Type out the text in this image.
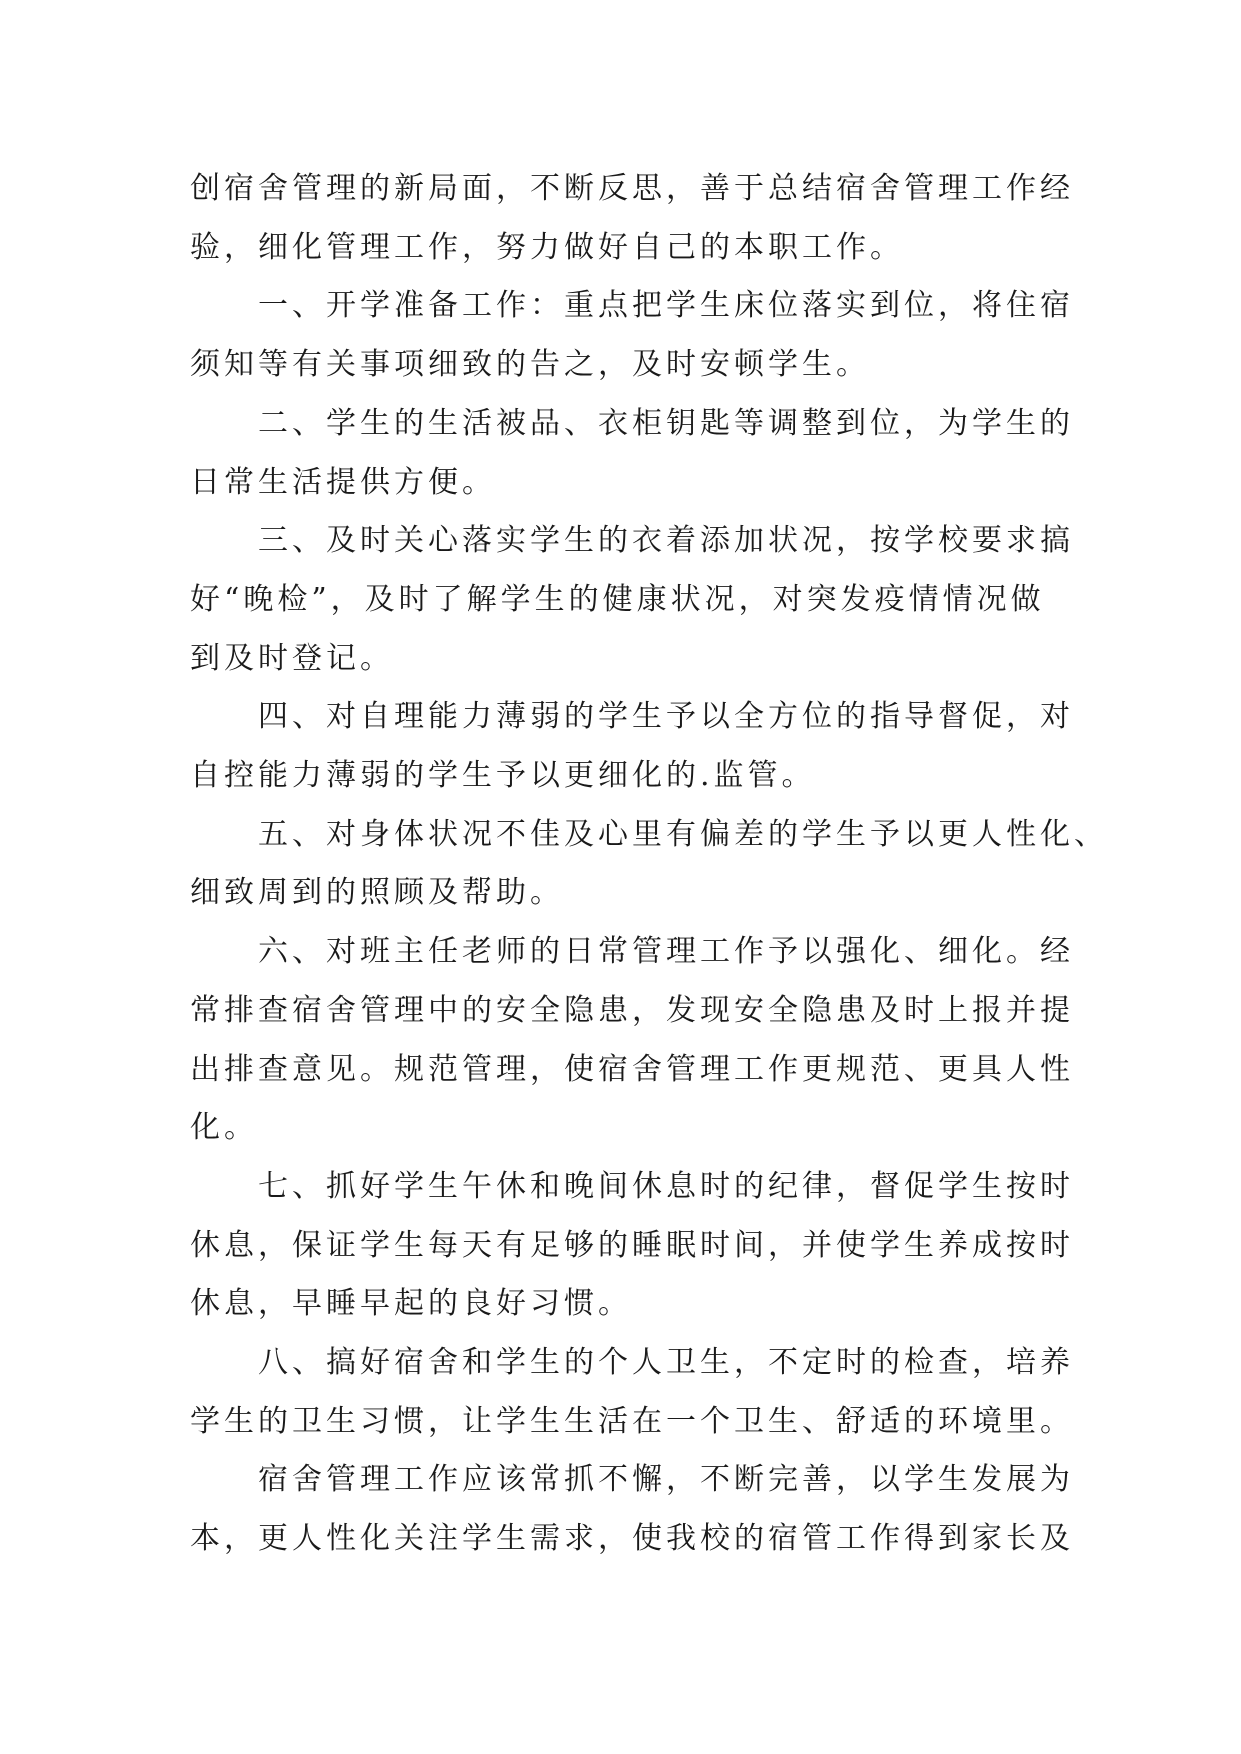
创宿舍管理的新局面，不断反思，善于总结宿舍管理工作经
验，细化管理工作，努力做好自己的本职工作。

一、开学准备工作：重点把学生床位落实到位，将住宿
须知等有关事项细致的告之，及时安顿学生。

二、学生的生活被品、衣柜钥匙等调整到位，为学生的
日常生活提供方便。

三、及时关心落实学生的衣着添加状况，按学校要求搞
好“晚检”，及时了解学生的健康状况，对突发疫情情况做
到及时登记。

四、对自理能力薄弱的学生予以全方位的指导督促，对
自控能力薄弱的学生予以更细化的.监管。

五、对身体状况不佳及心里有偏差的学生予以更人性化、
细致周到的照顾及帮助。

六、对班主任老师的日常管理工作予以强化、细化。经
常排查宿舍管理中的安全隐患，发现安全隐患及时上报并提
出排查意见。规范管理，使宿舍管理工作更规范、更具人性
化。

七、抓好学生午休和晚间休息时的纪律，督促学生按时
休息，保证学生每天有足够的睡眠时间，并使学生养成按时
休息，早睡早起的良好习惯。

八、搞好宿舍和学生的个人卫生，不定时的检查，培养
学生的卫生习惯，让学生生活在一个卫生、舒适的环境里。

宿舍管理工作应该常抓不懈，不断完善，以学生发展为
本，更人性化关注学生需求，使我校的宿管工作得到家长及
